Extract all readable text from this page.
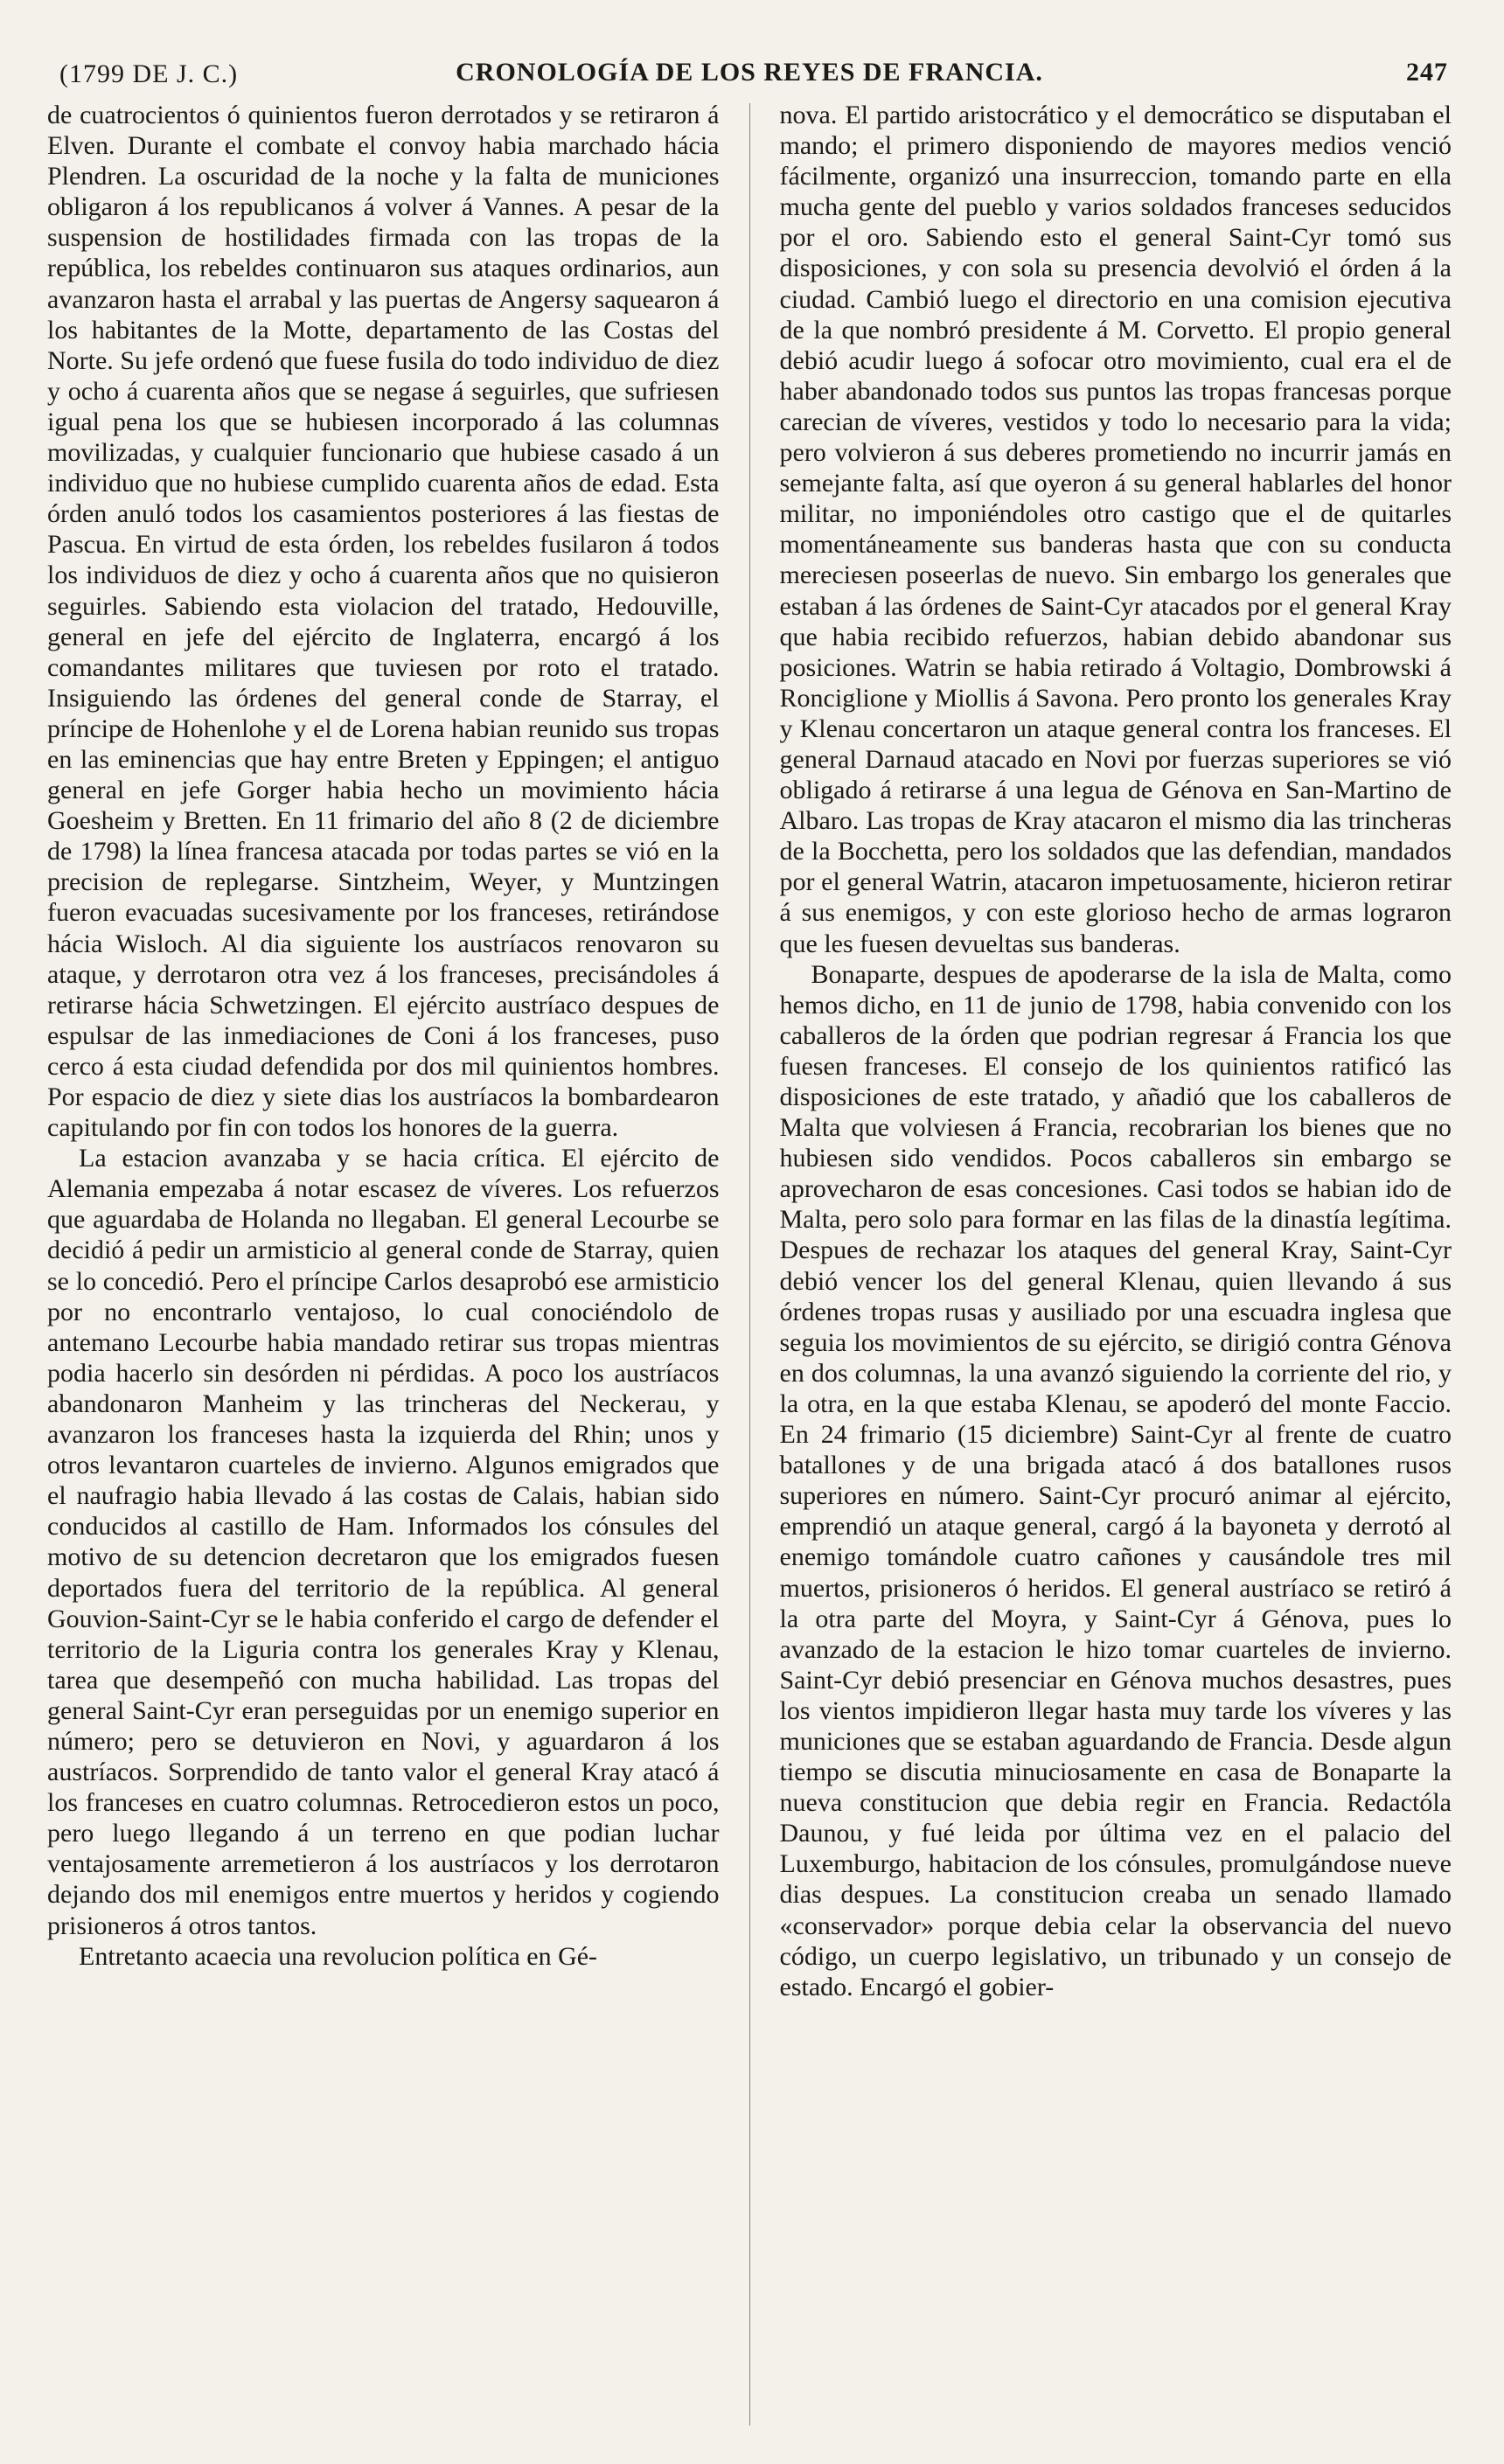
(1799 DE J. C.)	CRONOLOGÍA DE LOS REYES DE FRANCIA.	247

de cuatrocientos ó quinientos fueron derrotados y se retiraron á Elven. Durante el combate el convoy habia marchado hácia Plendren. La oscuridad de la noche y la falta de municiones obligaron á los republicanos á volver á Vannes. A pesar de la suspension de hostilidades firmada con las tropas de la república, los rebeldes continuaron sus ataques ordinarios, aun avanzaron hasta el arrabal y las puertas de Angersy saquearon á los habitantes de la Motte, departamento de las Costas del Norte. Su jefe ordenó que fuese fusila do todo individuo de diez y ocho á cuarenta años que se negase á seguirles, que sufriesen igual pena los que se hubiesen incorporado á las columnas movilizadas, y cualquier funcionario que hubiese casado á un individuo que no hubiese cumplido cuarenta años de edad. Esta órden anuló todos los casamientos posteriores á las fiestas de Pascua. En virtud de esta órden, los rebeldes fusilaron á todos los individuos de diez y ocho á cuarenta años que no quisieron seguirles. Sabiendo esta violacion del tratado, Hedouville, general en jefe del ejército de Inglaterra, encargó á los comandantes militares que tuviesen por roto el tratado. Insiguiendo las órdenes del general conde de Starray, el príncipe de Hohenlohe y el de Lorena habian reunido sus tropas en las eminencias que hay entre Breten y Eppingen; el antiguo general en jefe Gorger habia hecho un movimiento hácia Goesheim y Bretten. En 11 frimario del año 8 (2 de diciembre de 1798) la línea francesa atacada por todas partes se vió en la precision de replegarse. Sintzheim, Weyer, y Muntzingen fueron evacuadas sucesivamente por los franceses, retirándose hácia Wisloch. Al dia siguiente los austríacos renovaron su ataque, y derrotaron otra vez á los franceses, precisándoles á retirarse hácia Schwetzingen. El ejército austríaco despues de espulsar de las inmediaciones de Coni á los franceses, puso cerco á esta ciudad defendida por dos mil quinientos hombres. Por espacio de diez y siete dias los austríacos la bombardearon capitulando por fin con todos los honores de la guerra.

La estacion avanzaba y se hacia crítica. El ejército de Alemania empezaba á notar escasez de víveres. Los refuerzos que aguardaba de Holanda no llegaban. El general Lecourbe se decidió á pedir un armisticio al general conde de Starray, quien se lo concedió. Pero el príncipe Carlos desaprobó ese armisticio por no encontrarlo ventajoso, lo cual conociéndolo de antemano Lecourbe habia mandado retirar sus tropas mientras podia hacerlo sin desórden ni pérdidas. A poco los austríacos abandonaron Manheim y las trincheras del Neckerau, y avanzaron los franceses hasta la izquierda del Rhin; unos y otros levantaron cuarteles de invierno. Algunos emigrados que el naufragio habia llevado á las costas de Calais, habian sido conducidos al castillo de Ham. Informados los cónsules del motivo de su detencion decretaron que los emigrados fuesen deportados fuera del territorio de la república. Al general Gouvion-Saint-Cyr se le habia conferido el cargo de defender el territorio de la Liguria contra los generales Kray y Klenau, tarea que desempeñó con mucha habilidad. Las tropas del general Saint-Cyr eran perseguidas por un enemigo superior en número; pero se detuvieron en Novi, y aguardaron á los austríacos. Sorprendido de tanto valor el general Kray atacó á los franceses en cuatro columnas. Retrocedieron estos un poco, pero luego llegando á un terreno en que podian luchar ventajosamente arremetieron á los austríacos y los derrotaron dejando dos mil enemigos entre muertos y heridos y cogiendo prisioneros á otros tantos.

Entretanto acaecia una revolucion política en Gé-

nova. El partido aristocrático y el democrático se disputaban el mando; el primero disponiendo de mayores medios venció fácilmente, organizó una insurreccion, tomando parte en ella mucha gente del pueblo y varios soldados franceses seducidos por el oro. Sabiendo esto el general Saint-Cyr tomó sus disposiciones, y con sola su presencia devolvió el órden á la ciudad. Cambió luego el directorio en una comision ejecutiva de la que nombró presidente á M. Corvetto. El propio general debió acudir luego á sofocar otro movimiento, cual era el de haber abandonado todos sus puntos las tropas francesas porque carecian de víveres, vestidos y todo lo necesario para la vida; pero volvieron á sus deberes prometiendo no incurrir jamás en semejante falta, así que oyeron á su general hablarles del honor militar, no imponiéndoles otro castigo que el de quitarles momentáneamente sus banderas hasta que con su conducta mereciesen poseerlas de nuevo. Sin embargo los generales que estaban á las órdenes de Saint-Cyr atacados por el general Kray que habia recibido refuerzos, habian debido abandonar sus posiciones. Watrin se habia retirado á Voltagio, Dombrowski á Ronciglione y Miollis á Savona. Pero pronto los generales Kray y Klenau concertaron un ataque general contra los franceses. El general Darnaud atacado en Novi por fuerzas superiores se vió obligado á retirarse á una legua de Génova en San-Martino de Albaro. Las tropas de Kray atacaron el mismo dia las trincheras de la Bocchetta, pero los soldados que las defendian, mandados por el general Watrin, atacaron impetuosamente, hicieron retirar á sus enemigos, y con este glorioso hecho de armas lograron que les fuesen devueltas sus banderas.

Bonaparte, despues de apoderarse de la isla de Malta, como hemos dicho, en 11 de junio de 1798, habia convenido con los caballeros de la órden que podrian regresar á Francia los que fuesen franceses. El consejo de los quinientos ratificó las disposiciones de este tratado, y añadió que los caballeros de Malta que volviesen á Francia, recobrarian los bienes que no hubiesen sido vendidos. Pocos caballeros sin embargo se aprovecharon de esas concesiones. Casi todos se habian ido de Malta, pero solo para formar en las filas de la dinastía legítima. Despues de rechazar los ataques del general Kray, Saint-Cyr debió vencer los del general Klenau, quien llevando á sus órdenes tropas rusas y ausiliado por una escuadra inglesa que seguia los movimientos de su ejército, se dirigió contra Génova en dos columnas, la una avanzó siguiendo la corriente del rio, y la otra, en la que estaba Klenau, se apoderó del monte Faccio. En 24 frimario (15 diciembre) Saint-Cyr al frente de cuatro batallones y de una brigada atacó á dos batallones rusos superiores en número. Saint-Cyr procuró animar al ejército, emprendió un ataque general, cargó á la bayoneta y derrotó al enemigo tomándole cuatro cañones y causándole tres mil muertos, prisioneros ó heridos. El general austríaco se retiró á la otra parte del Moyra, y Saint-Cyr á Génova, pues lo avanzado de la estacion le hizo tomar cuarteles de invierno. Saint-Cyr debió presenciar en Génova muchos desastres, pues los vientos impidieron llegar hasta muy tarde los víveres y las municiones que se estaban aguardando de Francia. Desde algun tiempo se discutia minuciosamente en casa de Bonaparte la nueva constitucion que debia regir en Francia. Redactóla Daunou, y fué leida por última vez en el palacio del Luxemburgo, habitacion de los cónsules, promulgándose nueve dias despues. La constitucion creaba un senado llamado «conservador» porque debia celar la observancia del nuevo código, un cuerpo legislativo, un tribunado y un consejo de estado. Encargó el gobier-
